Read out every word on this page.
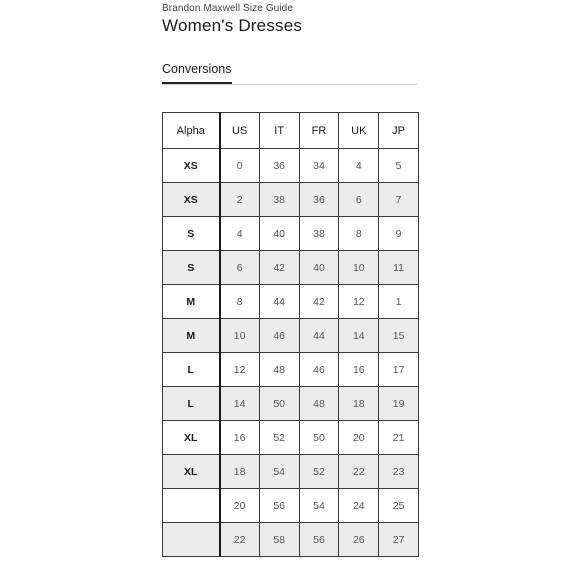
Brandon Maxwell Size Guide
Women's Dresses
Conversions
Alpha	US	IT	FR	UK	JP
XS	0	36	34	4	5
XS	2	38	36	6	7
S	4	40	38	8	9
S	6	42	40	10	11
M	8	44	42	12	1
M	10	46	44	14	15
L	12	48	46	16	17
L	14	50	48	18	19
XL	16	52	50	20	21
XL	18	54	52	22	23
	20	56	54	24	25
	22	58	56	26	27
